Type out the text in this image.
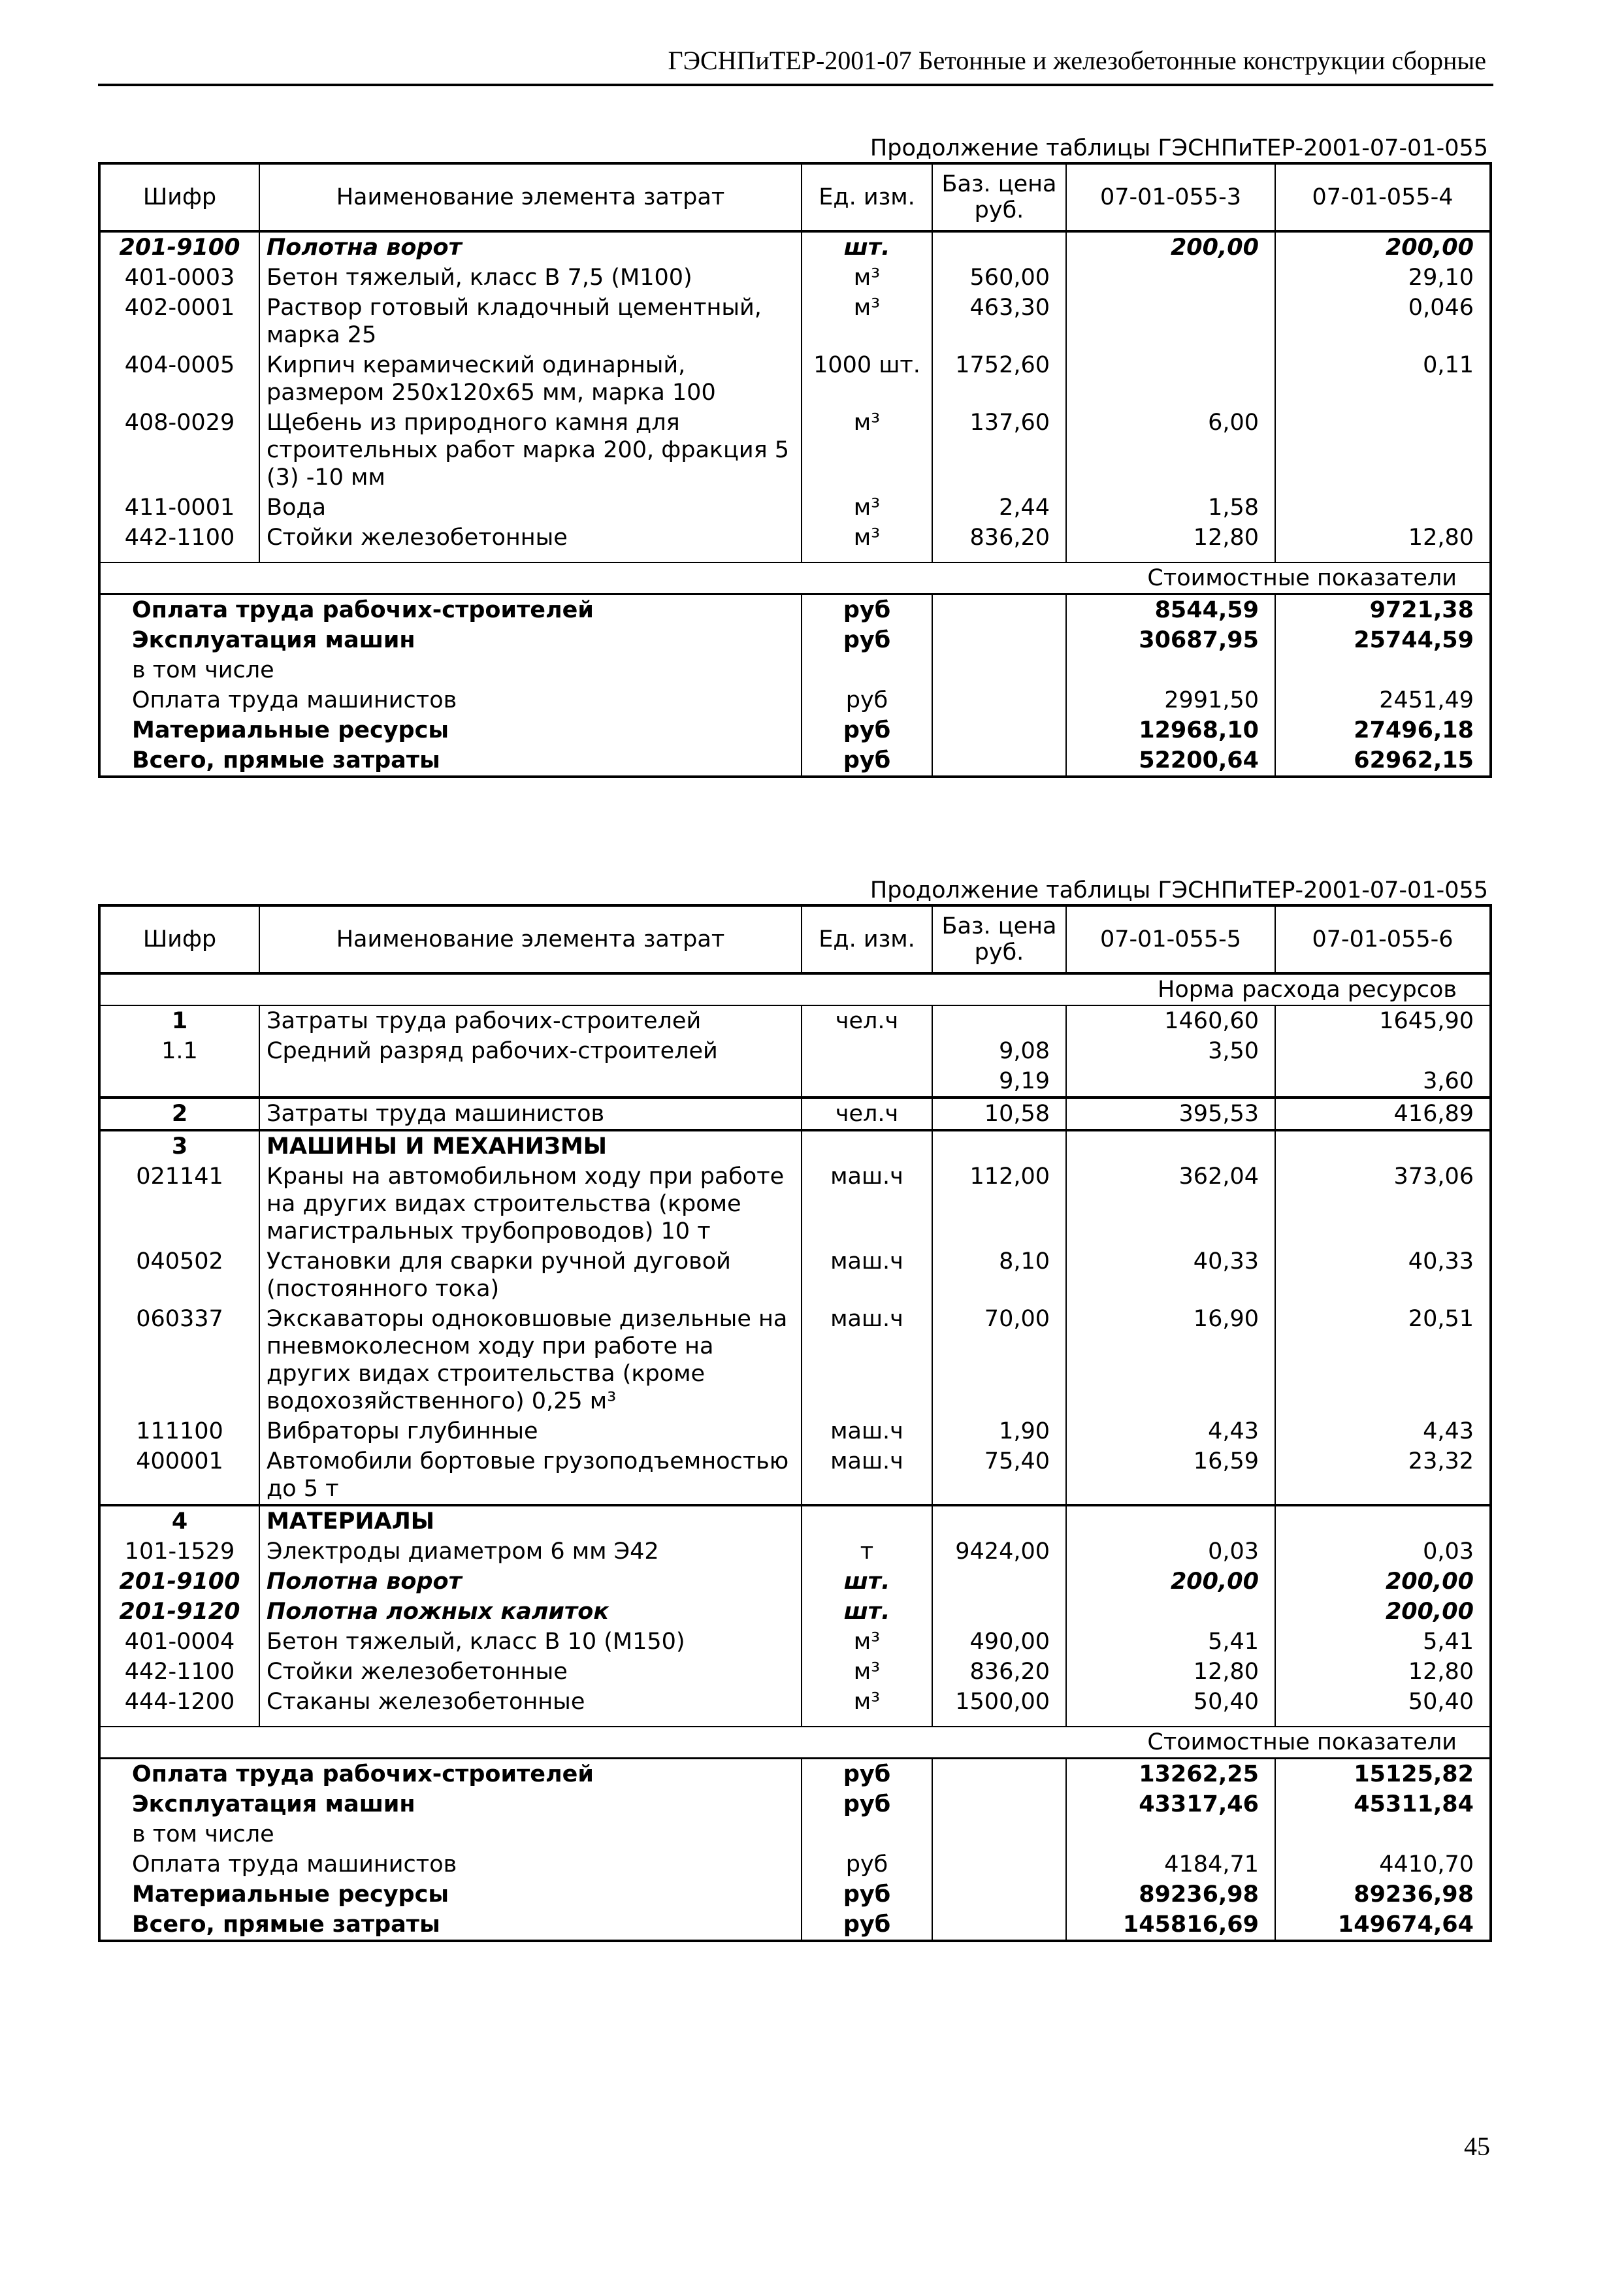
ГЭСНПиТЕР-2001-07 Бетонные и железобетонные конструкции сборные
Продолжение таблицы ГЭСНПиТЕР-2001-07-01-055
Шифр	Наименование элемента затрат	Ед. изм.	Баз. цена руб.	07-01-055-3	07-01-055-4
201-9100	Полотна ворот	шт.		200,00	200,00
401-0003	Бетон тяжелый, класс В 7,5 (М100)	м³	560,00		29,10
402-0001	Раствор готовый кладочный цементный, марка 25	м³	463,30		0,046
404-0005	Кирпич керамический одинарный, размером 250х120х65 мм, марка 100	1000 шт.	1752,60		0,11
408-0029	Щебень из природного камня для строительных работ марка 200, фракция 5 (3) -10 мм	м³	137,60	6,00	
411-0001	Вода	м³	2,44	1,58	
442-1100	Стойки железобетонные	м³	836,20	12,80	12,80

Стоимостные показатели					
Оплата труда рабочих-строителей		руб		8544,59	9721,38
Эксплуатация машин		руб		30687,95	25744,59
в том числе					
Оплата труда машинистов		руб		2991,50	2451,49
Материальные ресурсы		руб		12968,10	27496,18
Всего, прямые затраты		руб		52200,64	62962,15
Продолжение таблицы ГЭСНПиТЕР-2001-07-01-055
Шифр	Наименование элемента затрат	Ед. изм.	Баз. цена руб.	07-01-055-5	07-01-055-6
Норма расхода ресурсов					
1	Затраты труда рабочих-строителей	чел.ч		1460,60	1645,90
1.1	Средний разряд рабочих-строителей		9,08	3,50	
			9,19		3,60
2	Затраты труда машинистов	чел.ч	10,58	395,53	416,89
3	МАШИНЫ И МЕХАНИЗМЫ				
021141	Краны на автомобильном ходу при работе на других видах строительства (кроме магистральных трубопроводов) 10 т	маш.ч	112,00	362,04	373,06
040502	Установки для сварки ручной дуговой (постоянного тока)	маш.ч	8,10	40,33	40,33
060337	Экскаваторы одноковшовые дизельные на пневмоколесном ходу при работе на других видах строительства (кроме водохозяйственного) 0,25 м³	маш.ч	70,00	16,90	20,51
111100	Вибраторы глубинные	маш.ч	1,90	4,43	4,43
400001	Автомобили бортовые грузоподъемностью до 5 т	маш.ч	75,40	16,59	23,32
4	МАТЕРИАЛЫ				
101-1529	Электроды диаметром 6 мм Э42	т	9424,00	0,03	0,03
201-9100	Полотна ворот	шт.		200,00	200,00
201-9120	Полотна ложных калиток	шт.			200,00
401-0004	Бетон тяжелый, класс В 10 (М150)	м³	490,00	5,41	5,41
442-1100	Стойки железобетонные	м³	836,20	12,80	12,80
444-1200	Стаканы железобетонные	м³	1500,00	50,40	50,40

Стоимостные показатели					
Оплата труда рабочих-строителей		руб		13262,25	15125,82
Эксплуатация машин		руб		43317,46	45311,84
в том числе					
Оплата труда машинистов		руб		4184,71	4410,70
Материальные ресурсы		руб		89236,98	89236,98
Всего, прямые затраты		руб		145816,69	149674,64
45
